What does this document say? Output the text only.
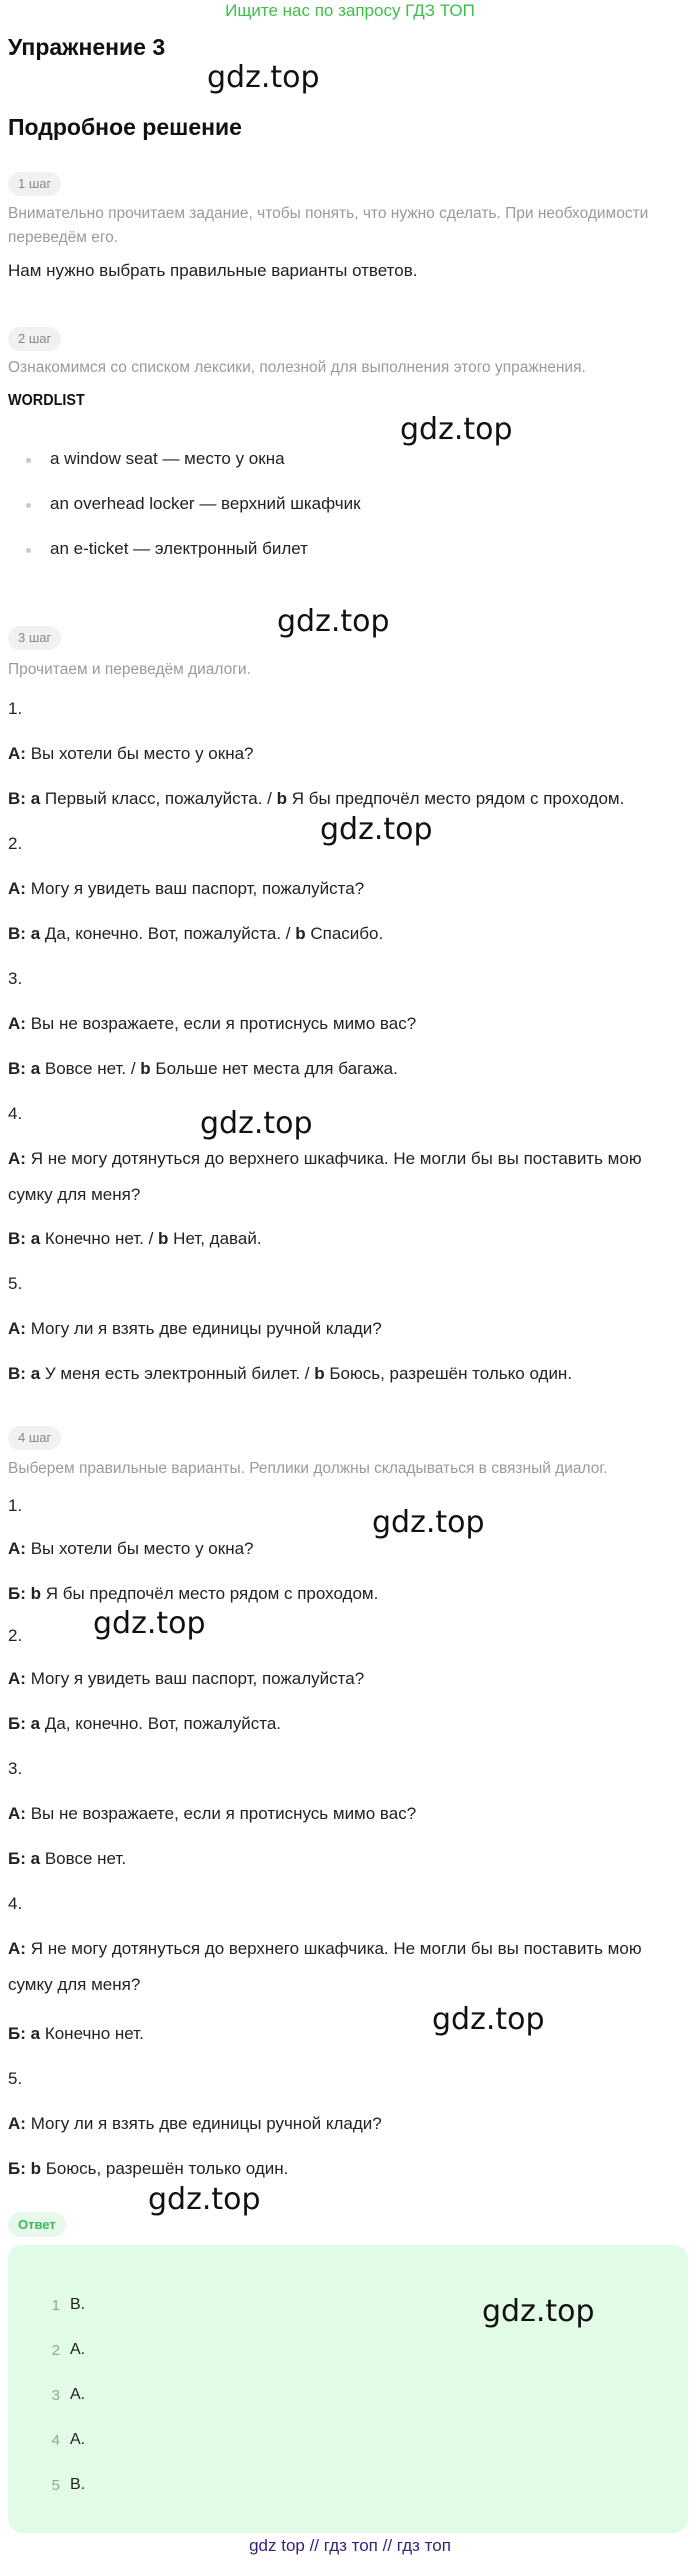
Ищите нас по запросу ГДЗ ТОП
Упражнение 3
gdz.top
Подробное решение
1 шаг
Внимательно прочитаем задание, чтобы понять, что нужно сделать. При необходимости переведём его.
Нам нужно выбрать правильные варианты ответов.
2 шаг
Ознакомимся со списком лексики, полезной для выполнения этого упражнения.
WORDLIST
gdz.top
a window seat — место у окна
an overhead locker — верхний шкафчик
an e-ticket — электронный билет
3 шаг	gdz.top
Прочитаем и переведём диалоги.
1.
A: Вы хотели бы место у окна?
B: a Первый класс, пожалуйста. / b Я бы предпочёл место рядом с проходом.
gdz.top
2.
A: Могу я увидеть ваш паспорт, пожалуйста?
B: a Да, конечно. Вот, пожалуйста. / b Спасибо.
3.
A: Вы не возражаете, если я протиснусь мимо вас?
B: a Вовсе нет. / b Больше нет места для багажа.
4.	gdz.top
A: Я не могу дотянуться до верхнего шкафчика. Не могли бы вы поставить мою
сумку для меня?
B: a Конечно нет. / b Нет, давай.
5.
A: Могу ли я взять две единицы ручной клади?
B: a У меня есть электронный билет. / b Боюсь, разрешён только один.
4 шаг
Выберем правильные варианты. Реплики должны складываться в связный диалог.
1.	gdz.top
А: Вы хотели бы место у окна?
Б: b Я бы предпочёл место рядом с проходом.
2.	gdz.top
А: Могу я увидеть ваш паспорт, пожалуйста?
Б: a Да, конечно. Вот, пожалуйста.
3.
А: Вы не возражаете, если я протиснусь мимо вас?
Б: a Вовсе нет.
4.
А: Я не могу дотянуться до верхнего шкафчика. Не могли бы вы поставить мою
сумку для меня?
Б: a Конечно нет.	gdz.top
5.
А: Могу ли я взять две единицы ручной клади?
Б: b Боюсь, разрешён только один.
Ответ
gdz.top
gdz.top
1 B.
2 A.
3 A.
4 A.
5 B.
gdz top // гдз топ // гдз топ
